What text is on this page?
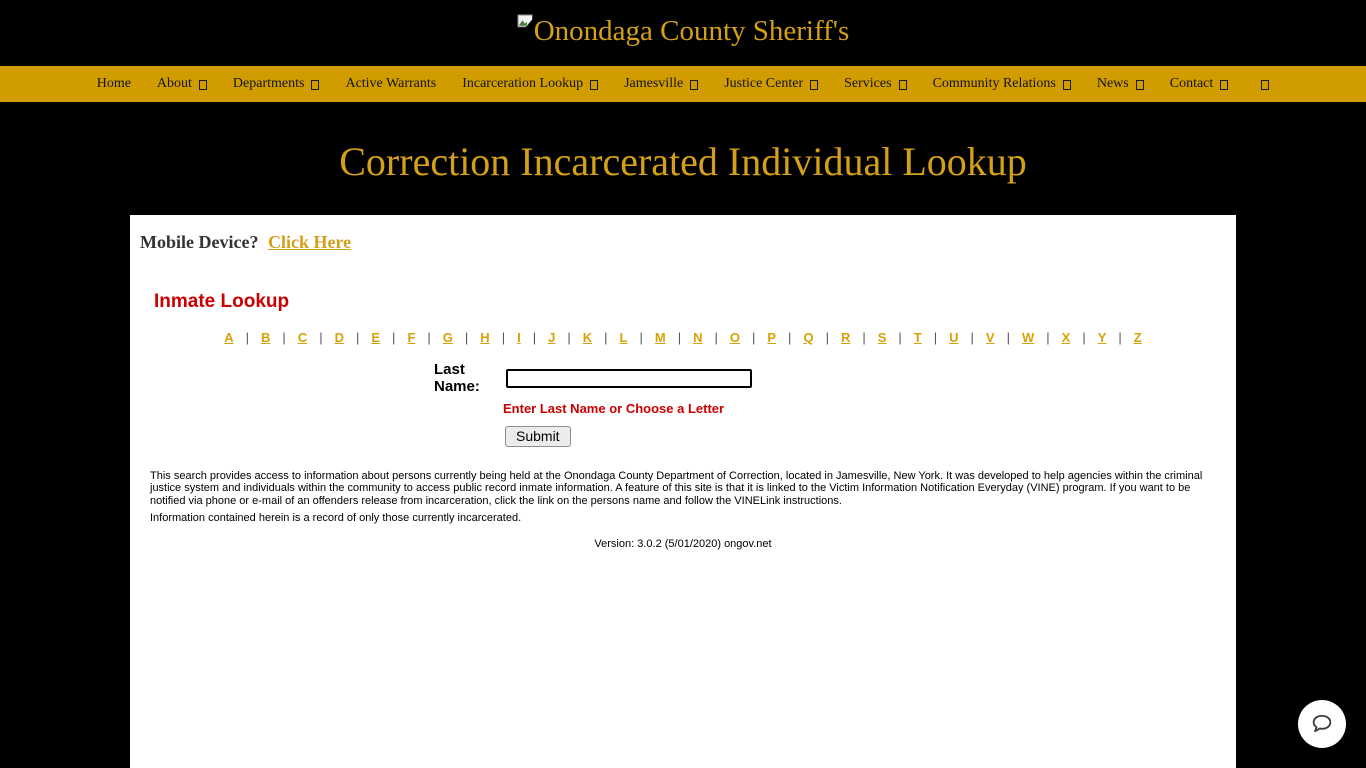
Onondaga County Sheriff's
Home About	Departments	Active Warrants Incarceration Lookup	Jamesville	Justice Center	Services	Community Relations	News	Contact
Correction Incarcerated Individual Lookup
Mobile Device? Click Here
Inmate Lookup
A | B | C | D | E | F | G | H | I | J | K | L | M | N | O | P | Q | R | S | T | U | V | W | X | Y | Z
Last Name:
Enter Last Name or Choose a Letter
Submit

This search provides access to information about persons currently being held at the Onondaga County Department of Correction, located in Jamesville, New York. It was developed to help agencies within the criminal justice system and individuals within the community to access public record inmate information. A feature of this site is that it is linked to the Victim Information Notification Everyday (VINE) program. If you want to be notified via phone or e-mail of an offenders release from incarceration, click the link on the persons name and follow the VINELink instructions.

Information contained herein is a record of only those currently incarcerated.

Version: 3.0.2 (5/01/2020) ongov.net
